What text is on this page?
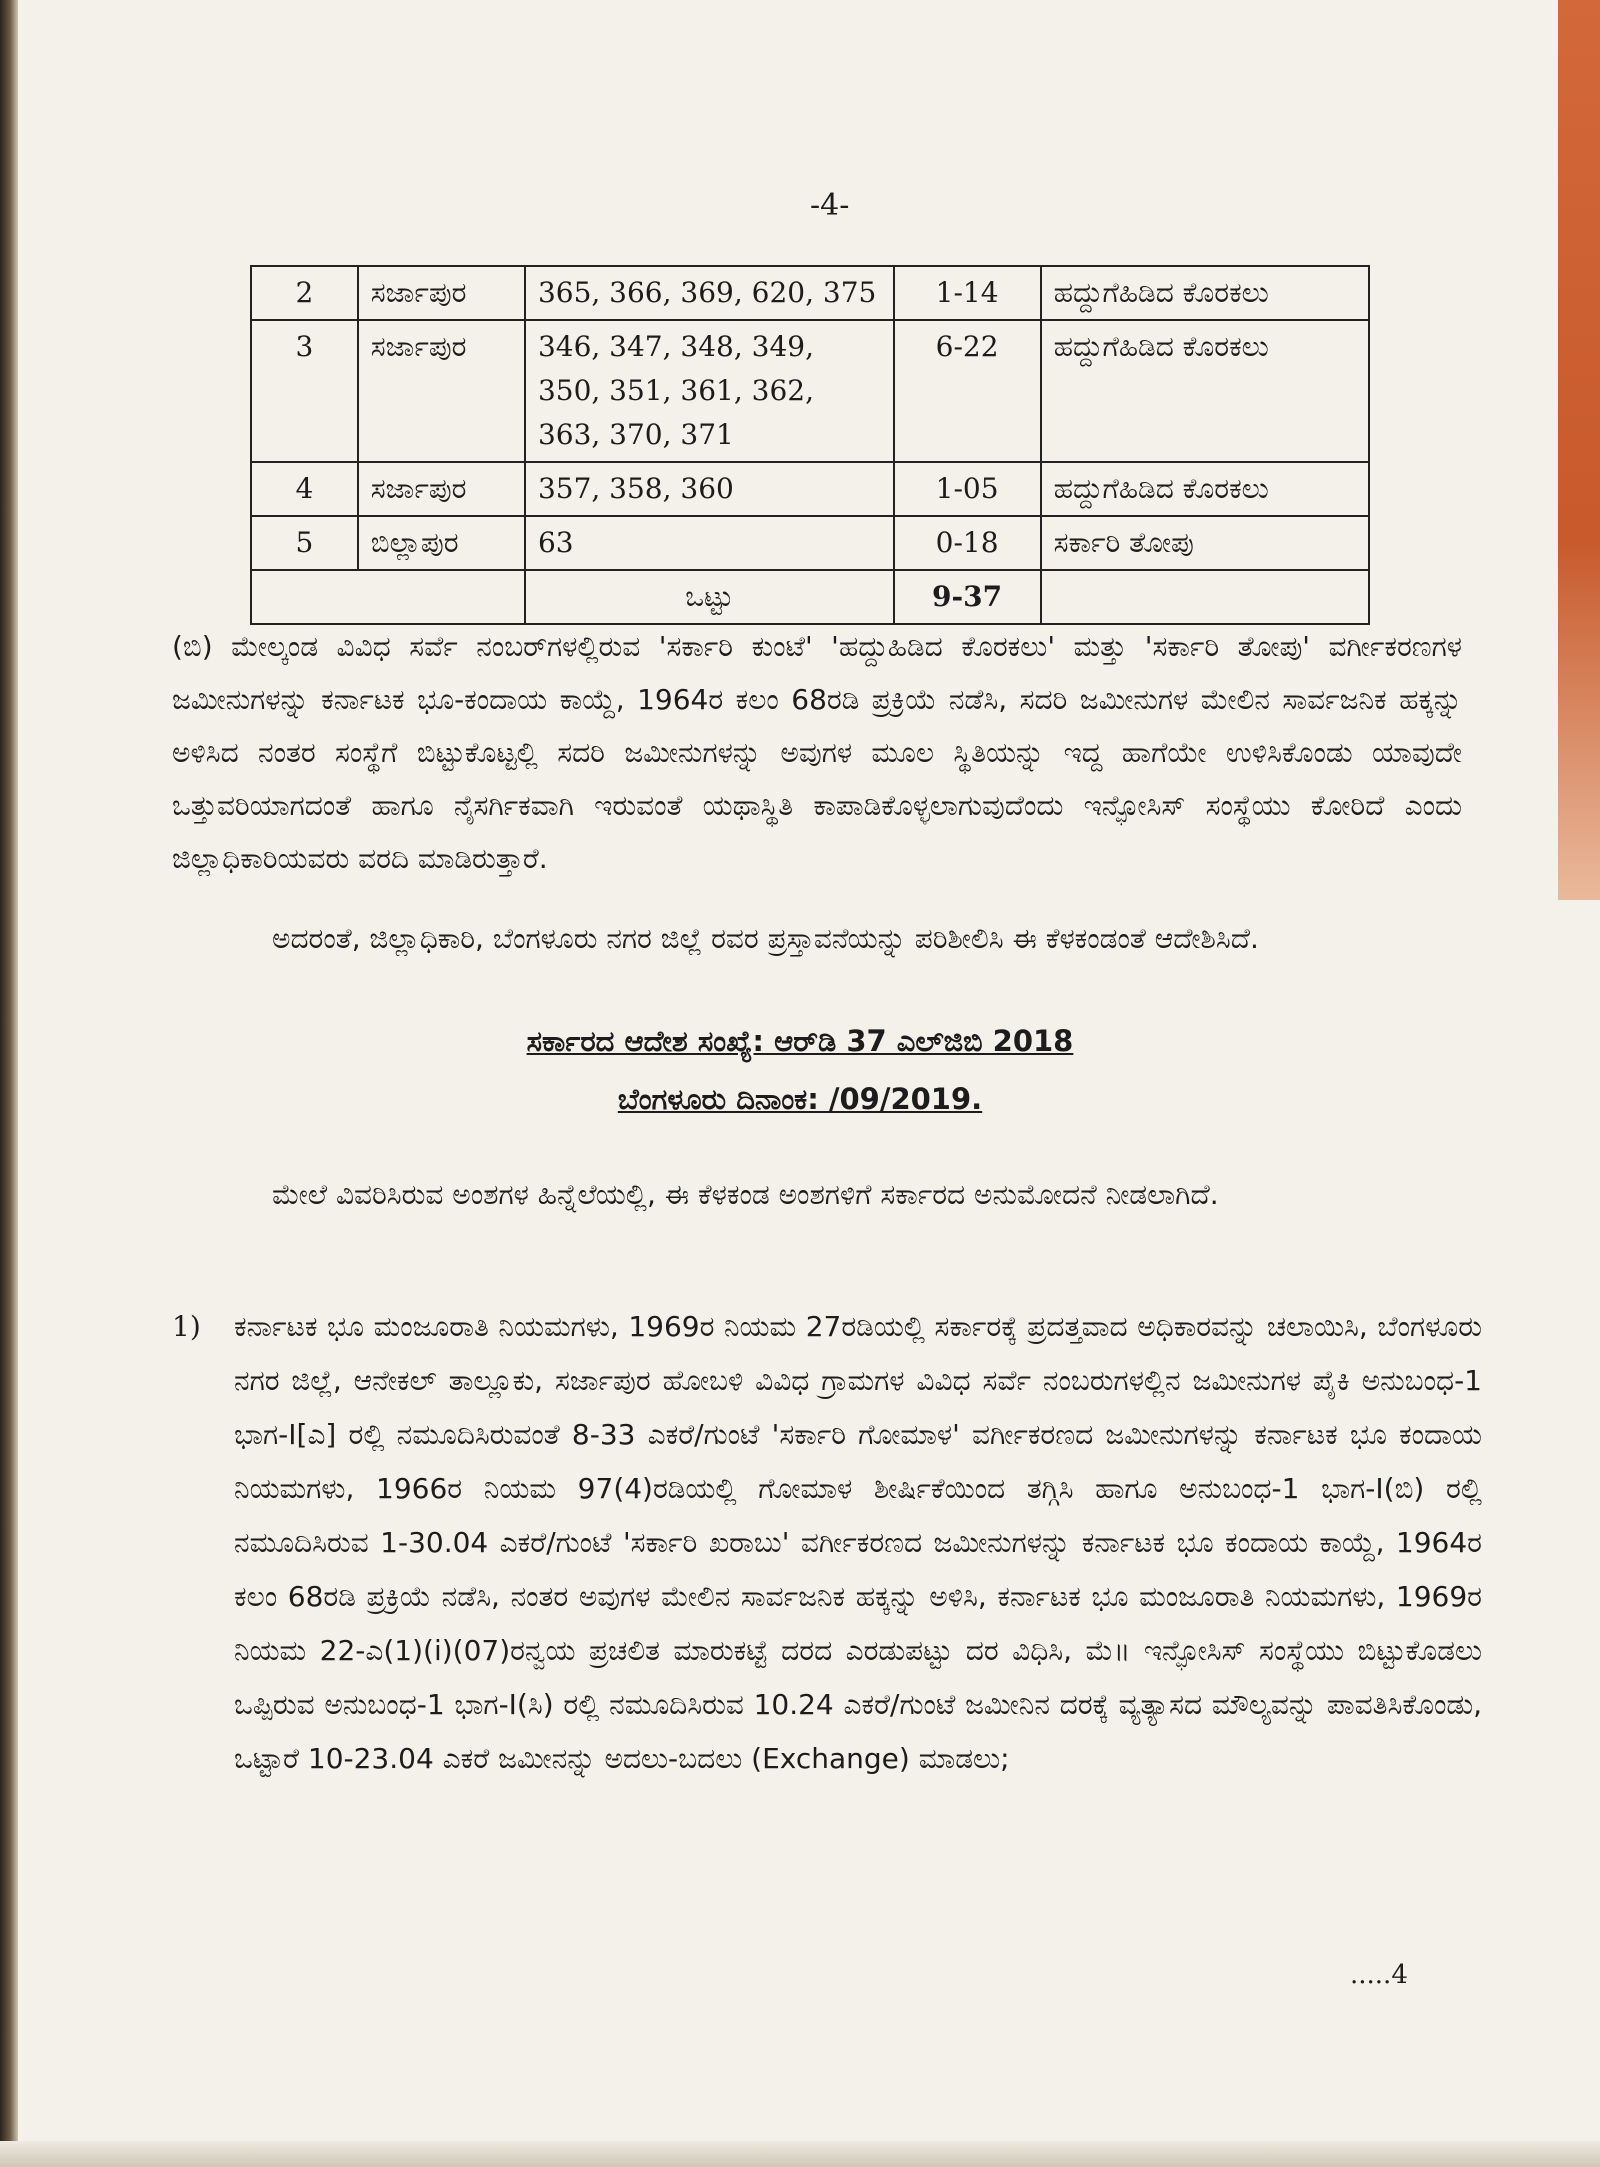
-4-
2	ಸರ್ಜಾಪುರ	365, 366, 369, 620, 375	1-14	ಹದ್ದುಗೆಹಿಡಿದ ಕೊರಕಲು
3	ಸರ್ಜಾಪುರ	346, 347, 348, 349, 350, 351, 361, 362, 363, 370, 371	6-22	ಹದ್ದುಗೆಹಿಡಿದ ಕೊರಕಲು
4	ಸರ್ಜಾಪುರ	357, 358, 360	1-05	ಹದ್ದುಗೆಹಿಡಿದ ಕೊರಕಲು
5	ಬಿಲ್ಲಾಪುರ	63	0-18	ಸರ್ಕಾರಿ ತೋಪು
		ಒಟ್ಟು	9-37	
(ಬಿ) ಮೇಲ್ಕಂಡ ವಿವಿಧ ಸರ್ವೆ ನಂಬರ್‌ಗಳಲ್ಲಿರುವ 'ಸರ್ಕಾರಿ ಕುಂಟೆ' 'ಹದ್ದುಹಿಡಿದ ಕೊರಕಲು' ಮತ್ತು 'ಸರ್ಕಾರಿ ತೋಪು' ವರ್ಗೀಕರಣಗಳ ಜಮೀನುಗಳನ್ನು ಕರ್ನಾಟಕ ಭೂ-ಕಂದಾಯ ಕಾಯ್ದೆ, 1964ರ ಕಲಂ 68ರಡಿ ಪ್ರಕ್ರಿಯೆ ನಡೆಸಿ, ಸದರಿ ಜಮೀನುಗಳ ಮೇಲಿನ ಸಾರ್ವಜನಿಕ ಹಕ್ಕನ್ನು ಅಳಿಸಿದ ನಂತರ ಸಂಸ್ಥೆಗೆ ಬಿಟ್ಟುಕೊಟ್ಟಲ್ಲಿ ಸದರಿ ಜಮೀನುಗಳನ್ನು ಅವುಗಳ ಮೂಲ ಸ್ಥಿತಿಯನ್ನು ಇದ್ದ ಹಾಗೆಯೇ ಉಳಿಸಿಕೊಂಡು ಯಾವುದೇ ಒತ್ತುವರಿಯಾಗದಂತೆ ಹಾಗೂ ನೈಸರ್ಗಿಕವಾಗಿ ಇರುವಂತೆ ಯಥಾಸ್ಥಿತಿ ಕಾಪಾಡಿಕೊಳ್ಳಲಾಗುವುದೆಂದು ಇನ್ಫೋಸಿಸ್ ಸಂಸ್ಥೆಯು ಕೋರಿದೆ ಎಂದು ಜಿಲ್ಲಾಧಿಕಾರಿಯವರು ವರದಿ ಮಾಡಿರುತ್ತಾರೆ.
ಅದರಂತೆ, ಜಿಲ್ಲಾಧಿಕಾರಿ, ಬೆಂಗಳೂರು ನಗರ ಜಿಲ್ಲೆ ರವರ ಪ್ರಸ್ತಾವನೆಯನ್ನು ಪರಿಶೀಲಿಸಿ ಈ ಕೆಳಕಂಡಂತೆ ಆದೇಶಿಸಿದೆ.
ಸರ್ಕಾರದ ಆದೇಶ ಸಂಖ್ಯೆ: ಆರ್‌ಡಿ 37 ಎಲ್‌ಜಿಬಿ 2018
ಬೆಂಗಳೂರು ದಿನಾಂಕ: /09/2019.
ಮೇಲೆ ವಿವರಿಸಿರುವ ಅಂಶಗಳ ಹಿನ್ನೆಲೆಯಲ್ಲಿ, ಈ ಕೆಳಕಂಡ ಅಂಶಗಳಿಗೆ ಸರ್ಕಾರದ ಅನುಮೋದನೆ ನೀಡಲಾಗಿದೆ.
1) ಕರ್ನಾಟಕ ಭೂ ಮಂಜೂರಾತಿ ನಿಯಮಗಳು, 1969ರ ನಿಯಮ 27ರಡಿಯಲ್ಲಿ ಸರ್ಕಾರಕ್ಕೆ ಪ್ರದತ್ತವಾದ ಅಧಿಕಾರವನ್ನು ಚಲಾಯಿಸಿ, ಬೆಂಗಳೂರು ನಗರ ಜಿಲ್ಲೆ, ಆನೇಕಲ್ ತಾಲ್ಲೂಕು, ಸರ್ಜಾಪುರ ಹೋಬಳಿ ವಿವಿಧ ಗ್ರಾಮಗಳ ವಿವಿಧ ಸರ್ವೆ ನಂಬರುಗಳಲ್ಲಿನ ಜಮೀನುಗಳ ಪೈಕಿ ಅನುಬಂಧ-1 ಭಾಗ-I[ಎ] ರಲ್ಲಿ ನಮೂದಿಸಿರುವಂತೆ 8-33 ಎಕರೆ/ಗುಂಟೆ 'ಸರ್ಕಾರಿ ಗೋಮಾಳ' ವರ್ಗೀಕರಣದ ಜಮೀನುಗಳನ್ನು ಕರ್ನಾಟಕ ಭೂ ಕಂದಾಯ ನಿಯಮಗಳು, 1966ರ ನಿಯಮ 97(4)ರಡಿಯಲ್ಲಿ ಗೋಮಾಳ ಶೀರ್ಷಿಕೆಯಿಂದ ತಗ್ಗಿಸಿ ಹಾಗೂ ಅನುಬಂಧ-1 ಭಾಗ-I(ಬಿ) ರಲ್ಲಿ ನಮೂದಿಸಿರುವ 1-30.04 ಎಕರೆ/ಗುಂಟೆ 'ಸರ್ಕಾರಿ ಖರಾಬು' ವರ್ಗೀಕರಣದ ಜಮೀನುಗಳನ್ನು ಕರ್ನಾಟಕ ಭೂ ಕಂದಾಯ ಕಾಯ್ದೆ, 1964ರ ಕಲಂ 68ರಡಿ ಪ್ರಕ್ರಿಯೆ ನಡೆಸಿ, ನಂತರ ಅವುಗಳ ಮೇಲಿನ ಸಾರ್ವಜನಿಕ ಹಕ್ಕನ್ನು ಅಳಿಸಿ, ಕರ್ನಾಟಕ ಭೂ ಮಂಜೂರಾತಿ ನಿಯಮಗಳು, 1969ರ ನಿಯಮ 22-ಎ(1)(i)(07)ರನ್ವಯ ಪ್ರಚಲಿತ ಮಾರುಕಟ್ಟೆ ದರದ ಎರಡುಪಟ್ಟು ದರ ವಿಧಿಸಿ, ಮೆ॥ ಇನ್ಫೋಸಿಸ್ ಸಂಸ್ಥೆಯು ಬಿಟ್ಟುಕೊಡಲು ಒಪ್ಪಿರುವ ಅನುಬಂಧ-1 ಭಾಗ-I(ಸಿ) ರಲ್ಲಿ ನಮೂದಿಸಿರುವ 10.24 ಎಕರೆ/ಗುಂಟೆ ಜಮೀನಿನ ದರಕ್ಕೆ ವ್ಯತ್ಯಾಸದ ಮೌಲ್ಯವನ್ನು ಪಾವತಿಸಿಕೊಂಡು, ಒಟ್ಟಾರೆ 10-23.04 ಎಕರೆ ಜಮೀನನ್ನು ಅದಲು-ಬದಲು (Exchange) ಮಾಡಲು;
.....4
